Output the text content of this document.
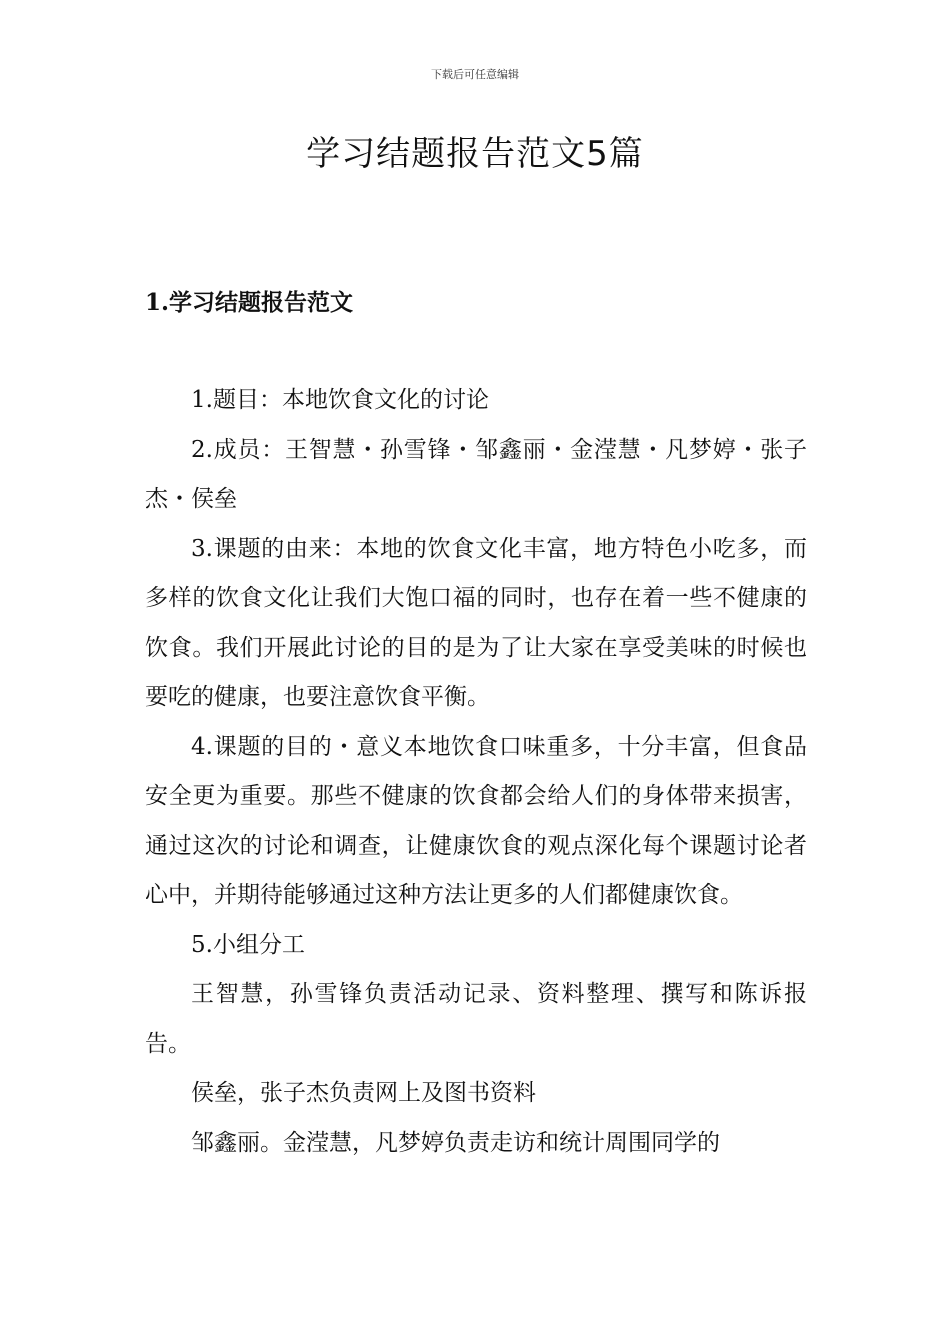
下载后可任意编辑
学习结题报告范文5篇
1.学习结题报告范文

1.题目：本地饮食文化的讨论

2.成员：王智慧・孙雪锋・邹鑫丽・金滢慧・凡梦婷・张子杰・侯垒

3.课题的由来：本地的饮食文化丰富，地方特色小吃多，而多样的饮食文化让我们大饱口福的同时，也存在着一些不健康的饮食。我们开展此讨论的目的是为了让大家在享受美味的时候也要吃的健康，也要注意饮食平衡。

4.课题的目的・意义本地饮食口味重多，十分丰富，但食品安全更为重要。那些不健康的饮食都会给人们的身体带来损害，通过这次的讨论和调查，让健康饮食的观点深化每个课题讨论者心中，并期待能够通过这种方法让更多的人们都健康饮食。

5.小组分工

王智慧，孙雪锋负责活动记录、资料整理、撰写和陈诉报告。

侯垒，张子杰负责网上及图书资料

邹鑫丽。金滢慧，凡梦婷负责走访和统计周围同学的
